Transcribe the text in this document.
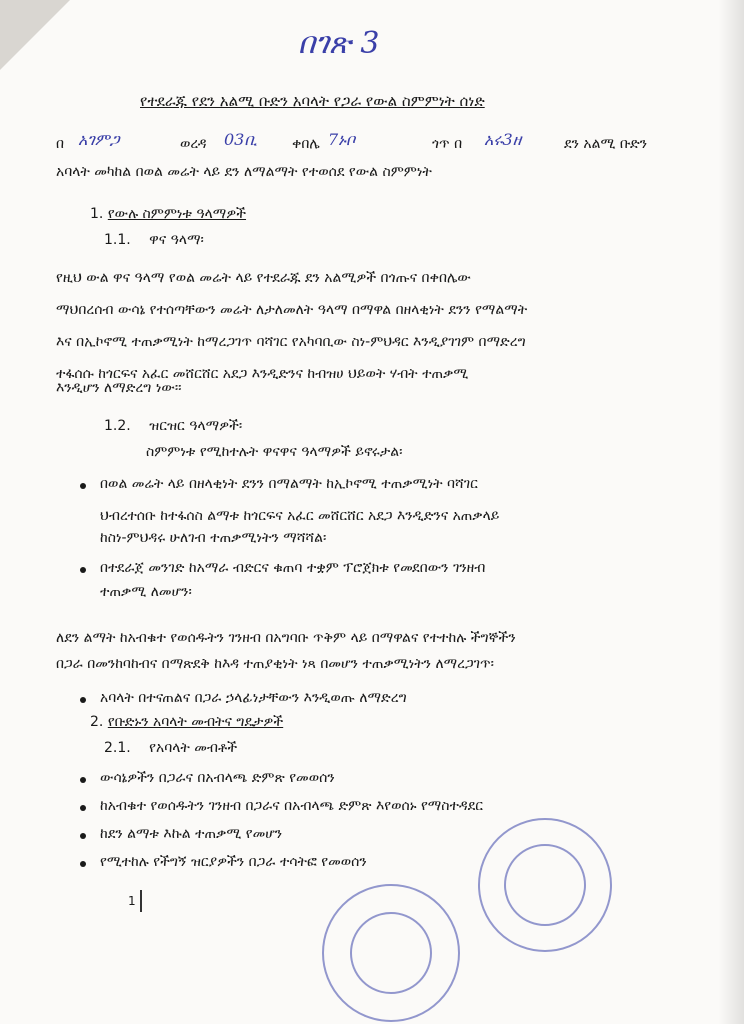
በገጽ 3
የተደራጁ የደን አልሚ ቡድን አባላት የጋራ የውል ስምምነት ሰነድ
በ አገምጋ	ወረዳ 03ቢ	ቀበሌ 7ኑቦ	ጎጥ በ አሩ3ዘ	ደን አልሚ ቡድን
አባላት መካከል በወል መሬት ላይ ደን ለማልማት የተወሰደ የውል ስምምነት
1. የውሉ ስምምነቱ ዓላማዎች
1.1. ዋና ዓላማ፡
የዚህ ውል ዋና ዓላማ የወል መሬት ላይ የተደራጁ ደን አልሚዎች በጎጡና በቀበሌው
ማህበረሰብ ውሳኔ የተሰጣቸውን መሬት ለታለመለት ዓላማ በማዋል በዘላቂነት ደንን የማልማት
እና በኢኮኖሚ ተጠቃሚነት ከማረጋገጥ ባሻገር የአካባቢው ስነ-ምህዳር እንዲያገገም በማድረግ
ተፋሰሱ ከጎርፍና አፈር መሸርሸር አደጋ እንዲድንና ከብዝሀ ህይወት ሃብት ተጠቃሚ
እንዲሆን ለማድረግ ነው፡፡
1.2. ዝርዝር ዓላማዎች፡
ስምምነቱ የሚከተሉት ዋናዋና ዓላማዎች ይኖሩታል፡
በወል መሬት ላይ በዘላቂነት ደንን በማልማት ከኢኮኖሚ ተጠቃሚነት ባሻገር
ህብረተሰቡ ከተፋሰስ ልማቱ ከጎርፍና አፈር መሸርሸር አደጋ እንዲድንና አጠቃላይ
ከስነ-ምህዳሩ ሁለገብ ተጠቃሚነትን ማሻሻል፡
በተደራጀ መንገድ ከአማራ ብድርና ቁጠባ ተቋም ፕሮጀክቱ የመደበውን ገንዘብ
ተጠቃሚ ለመሆን፡
ለደን ልማት ከአብቁተ የወሰዱትን ገንዘብ በአግባቡ ጥቅም ላይ በማዋልና የተተከሉ ችግኞችን
በጋራ በመንከባከብና በማጽደቅ ከእዳ ተጠያቂነት ነጻ በመሆን ተጠቃሚነትን ለማረጋገጥ፡
አባላት በተናጠልና በጋራ ኃላፊነታቸውን እንዲወጡ ለማድረግ
2. የቡድኑን አባላት መብትና ግዴታዎች
2.1. የአባላት መብቶች
ውሳኔዎችን በጋራና በአብላጫ ድምጽ የመወሰን
ከአብቁተ የወሰዱትን ገንዘብ በጋራና በአብላጫ ድምጽ እየወሰኑ የማስተዳደር
ከደን ልማቱ እኩል ተጠቃሚ የመሆን
የሚተከሉ የችግኝ ዝርያዎችን በጋራ ተሳትፎ የመወሰን
1
